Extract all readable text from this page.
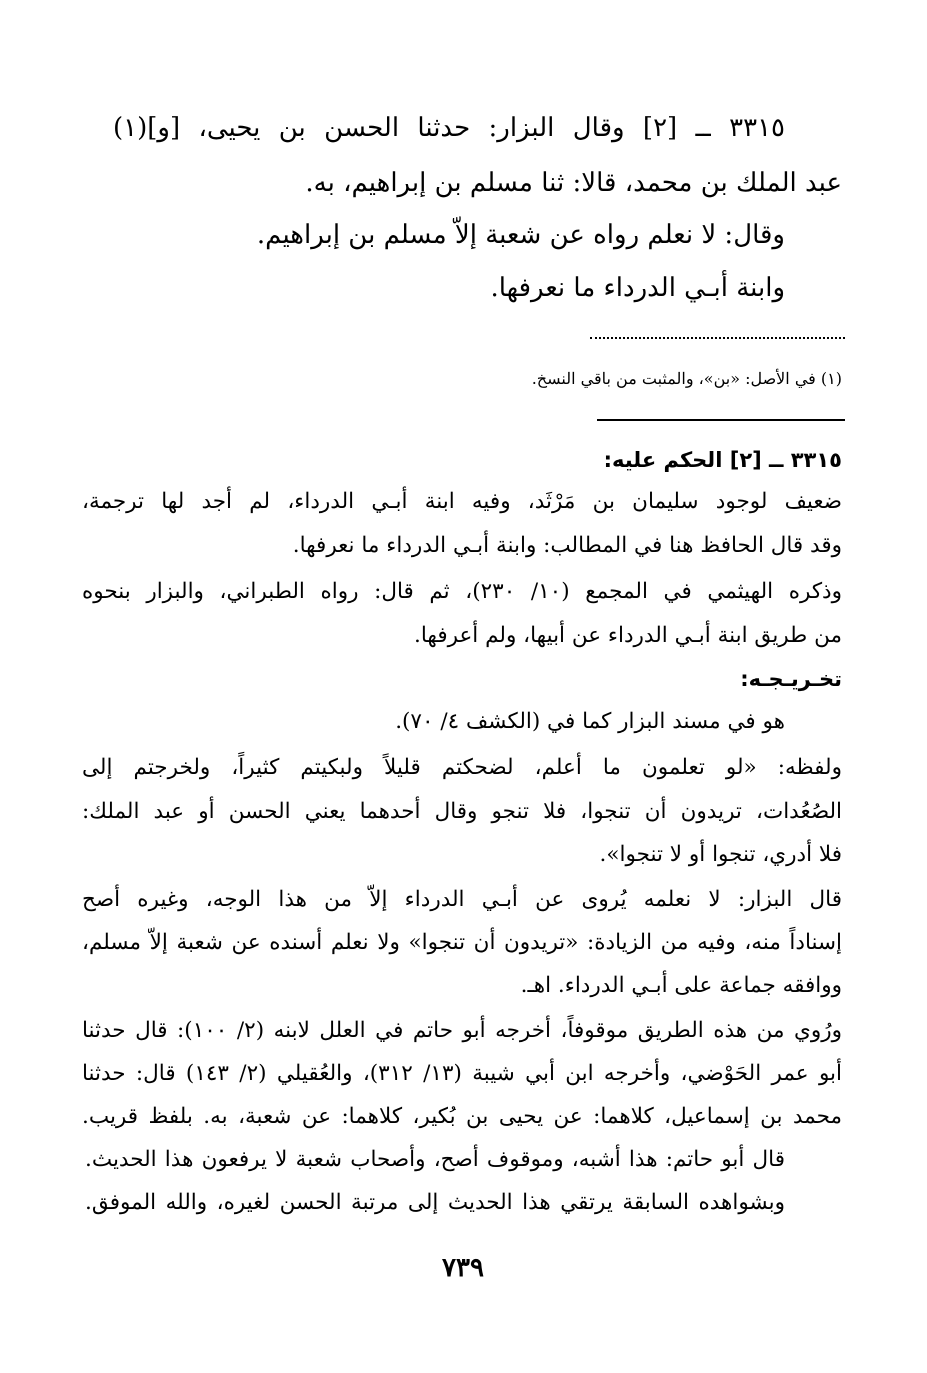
٣٣١٥ ــ [٢] وقال البزار: حدثنا الحسن بن يحيى، [و](١)
عبد الملك بن محمد، قالا: ثنا مسلم بن إبراهيم، به.
وقال: لا نعلم رواه عن شعبة إلاّ مسلم بن إبراهيم.
وابنة أبـي الدرداء ما نعرفها.
(١) في الأصل: «بن»، والمثبت من باقي النسخ.
٣٣١٥ ــ [٢] الحكم عليه:
ضعيف لوجود سليمان بن مَرْثَد، وفيه ابنة أبـي الدرداء، لم أجد لها ترجمة،
وقد قال الحافظ هنا في المطالب: وابنة أبـي الدرداء ما نعرفها.
وذكره الهيثمي في المجمع (١٠/ ٢٣٠)، ثم قال: رواه الطبراني، والبزار بنحوه
من طريق ابنة أبـي الدرداء عن أبيها، ولم أعرفها.
تخـريـجـه:
هو في مسند البزار كما في (الكشف ٤/ ٧٠).
ولفظه: «لو تعلمون ما أعلم، لضحكتم قليلاً ولبكيتم كثيراً، ولخرجتم إلى
الصُعُدات، تريدون أن تنجوا، فلا تنجو وقال أحدهما يعني الحسن أو عبد الملك:
فلا أدري، تنجوا أو لا تنجوا».
قال البزار: لا نعلمه يُروى عن أبـي الدرداء إلاّ من هذا الوجه، وغيره أصح
إسناداً منه، وفيه من الزيادة: «تريدون أن تنجوا» ولا نعلم أسنده عن شعبة إلاّ مسلم،
ووافقه جماعة على أبـي الدرداء. اهـ.
ورُوي من هذه الطريق موقوفاً، أخرجه أبو حاتم في العلل لابنه (٢/ ١٠٠): قال حدثنا
أبو عمر الحَوْضي، وأخرجه ابن أبي شيبة (١٣/ ٣١٢)، والعُقيلي (٢/ ١٤٣) قال: حدثنا
محمد بن إسماعيل، كلاهما: عن يحيى بن بُكير، كلاهما: عن شعبة، به. بلفظ قريب.
قال أبو حاتم: هذا أشبه، وموقوف أصح، وأصحاب شعبة لا يرفعون هذا الحديث.
وبشواهده السابقة يرتقي هذا الحديث إلى مرتبة الحسن لغيره، والله الموفق.
٧٣٩
